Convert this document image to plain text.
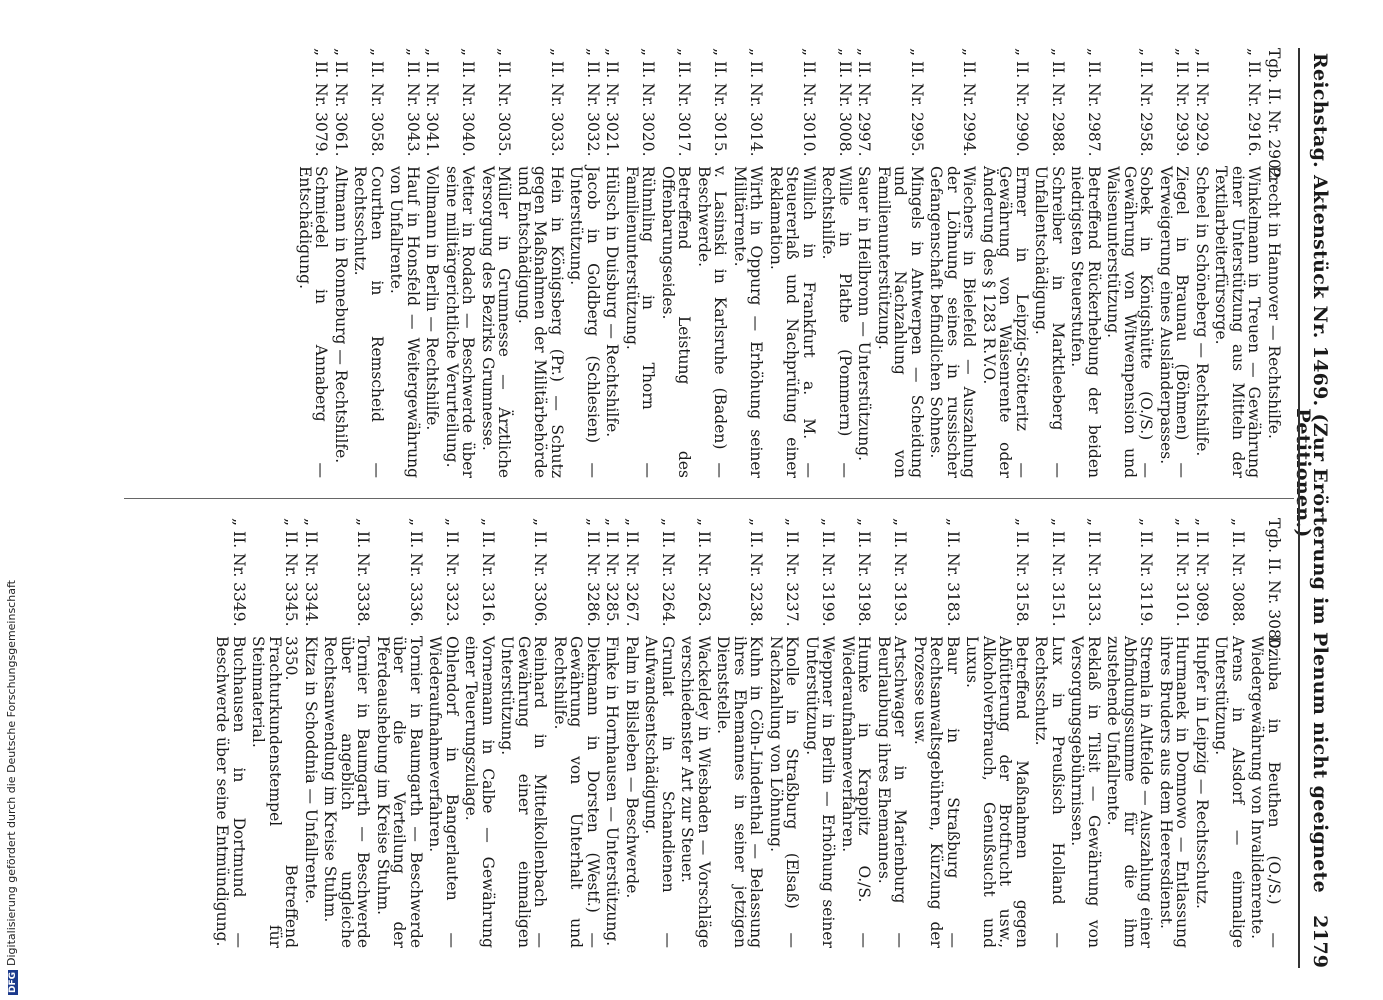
Reichstag. Aktenstück Nr. 1469. (Zur Erörterung im Plenum nicht geeignete Petitionen.)
2179
Tgb. II. Nr. 2902.
Precht in Hannover — Rechtshilfe.
„ II. Nr. 2916.
Winkelmann in Treuen — Gewährung einer Unterstützung aus Mitteln der Textilarbeiterfürsorge.
„ II. Nr. 2929.
Scheel in Schöneberg — Rechtshilfe.
„ II. Nr. 2939.
Ziegel in Braunau (Böhmen) — Verweigerung eines Ausländerpasses.
„ II. Nr. 2958.
Sobek in Königshütte (O./S.) — Gewährung von Witwenpension und Waisenunterstützung.
„ II. Nr. 2987.
Betreffend Rückerhebung der beiden niedrigsten Steuerstufen.
„ II. Nr. 2988.
Schreiber in Marktleeberg — Unfallentschädigung.
„ II. Nr. 2990.
Ermer in Leipzig-Stötteritz — Gewährung von Waisenrente oder Änderung des § 1283 R.V.O.
„ II. Nr. 2994.
Wiechers in Bielefeld — Auszahlung der Löhnung seines in russischer Gefangenschaft befindlichen Sohnes.
„ II. Nr. 2995.
Mingels in Antwerpen — Scheidung und Nachzahlung von Familienunterstützung.
„ II. Nr. 2997.
Sauer in Heilbronn — Unterstützung.
„ II. Nr. 3008.
Wille in Plathe (Pommern) — Rechtshilfe.
„ II. Nr. 3010.
Willich in Frankfurt a. M. — Steuererlaß und Nachprüfung einer Reklamation.
„ II. Nr. 3014.
Wirth in Oppurg — Erhöhung seiner Militärrente.
„ II. Nr. 3015.
v. Lasinski in Karlsruhe (Baden) — Beschwerde.
„ II. Nr. 3017.
Betreffend Leistung des Offenbarungseides.
„ II. Nr. 3020.
Rühmling in Thorn — Familienunterstützung.
„ II. Nr. 3021.
Hülsch in Duisburg — Rechtshilfe.
„ II. Nr. 3032.
Jacob in Goldberg (Schlesien) — Unterstützung.
„ II. Nr. 3033.
Hein in Königsberg (Pr.) — Schutz gegen Maßnahmen der Militärbehörde und Entschädigung.
„ II. Nr. 3035.
Müller in Grumnesse — Ärztliche Versorgung des Bezirks Grumnesse.
„ II. Nr. 3040.
Vetter in Rodach — Beschwerde über seine militärgerichtliche Verurteilung.
„ II. Nr. 3041.
Vollmann in Berlin — Rechtshilfe.
„ II. Nr. 3043.
Hauf in Honsfeld — Weitergewährung von Unfallrente.
„ II. Nr. 3058.
Courthen in Remscheid — Rechtsschutz.
„ II. Nr. 3061.
Altmann in Ronneburg — Rechtshilfe.
„ II. Nr. 3079.
Schmiedel in Annaberg — Entschädigung.
Tgb. II. Nr. 3080.
Dziuba in Beuthen (O./S.) — Wiedergewährung von Invalidenrente.
„ II. Nr. 3088.
Arens in Alsdorf — einmalige Unterstützung.
„ II. Nr. 3089.
Hupfer in Leipzig — Rechtsschutz.
„ II. Nr. 3101.
Hurmanek in Domnowo — Entlassung ihres Bruders aus dem Heeresdienst.
„ II. Nr. 3119.
Stremla in Altfelde — Auszahlung einer Abfindungssumme für die ihm zustehende Unfallrente.
„ II. Nr. 3133.
Reklaß in Tilsit — Gewährung von Versorgungsgebührnissen.
„ II. Nr. 3151.
Lux in Preußisch Holland — Rechtsschutz.
„ II. Nr. 3158.
Betreffend Maßnahmen gegen Abfütterung der Brotfrucht usw., Alkoholverbrauch, Genußsucht und Luxus.
„ II. Nr. 3183.
Baur in Straßburg — Rechtsanwaltsgebühren, Kürzung der Prozesse usw.
„ II. Nr. 3193.
Artschwager in Marienburg — Beurlaubung ihres Ehemannes.
„ II. Nr. 3198.
Humke in Krappitz O./S. — Wiederaufnahmeverfahren.
„ II. Nr. 3199.
Weppner in Berlin — Erhöhung seiner Unterstützung.
„ II. Nr. 3237.
Knolle in Straßburg (Elsaß) — Nachzahlung von Löhnung.
„ II. Nr. 3238.
Kuhn in Cöln-Lindenthal — Belassung ihres Ehemannes in seiner jetzigen Dienststelle.
„ II. Nr. 3263.
Wackeldey in Wiesbaden — Vorschläge verschiedenster Art zur Steuer.
„ II. Nr. 3264.
Grunlat in Schandienen — Aufwandsentschädigung.
„ II. Nr. 3267.
Palm in Bilsleben — Beschwerde.
„ II. Nr. 3285.
Finke in Hornhausen — Unterstützung.
„ II. Nr. 3286.
Diekmann in Dorsten (Westf.) — Gewährung von Unterhalt und Rechtshilfe.
„ II. Nr. 3306.
Reinhard in Mittelkollenbach — Gewährung einer einmaligen Unterstützung.
„ II. Nr. 3316.
Vornemann in Calbe — Gewährung einer Teuerungszulage.
„ II. Nr. 3323.
Ohlendorf in Bangerlauten — Wiederaufnahmeverfahren.
„ II. Nr. 3336.
Tornier in Baumgarth — Beschwerde über die Verteilung der Pferdeaushebung im Kreise Stuhm.
„ II. Nr. 3338.
Tornier in Baumgarth — Beschwerde über angeblich ungleiche Rechtsanwendung im Kreise Stuhm.
„ II. Nr. 3344.
Kitza in Schoddnia — Unfallrente.
„ II. Nr. 3345.
3350. Betreffend Frachturkundenstempel für Steinmaterial.
„ II. Nr. 3349.
Buchhausen in Dortmund — Beschwerde über seine Entmündigung.
DFGDigitalisierung gefördert durch die Deutsche Forschungsgemeinschaft
